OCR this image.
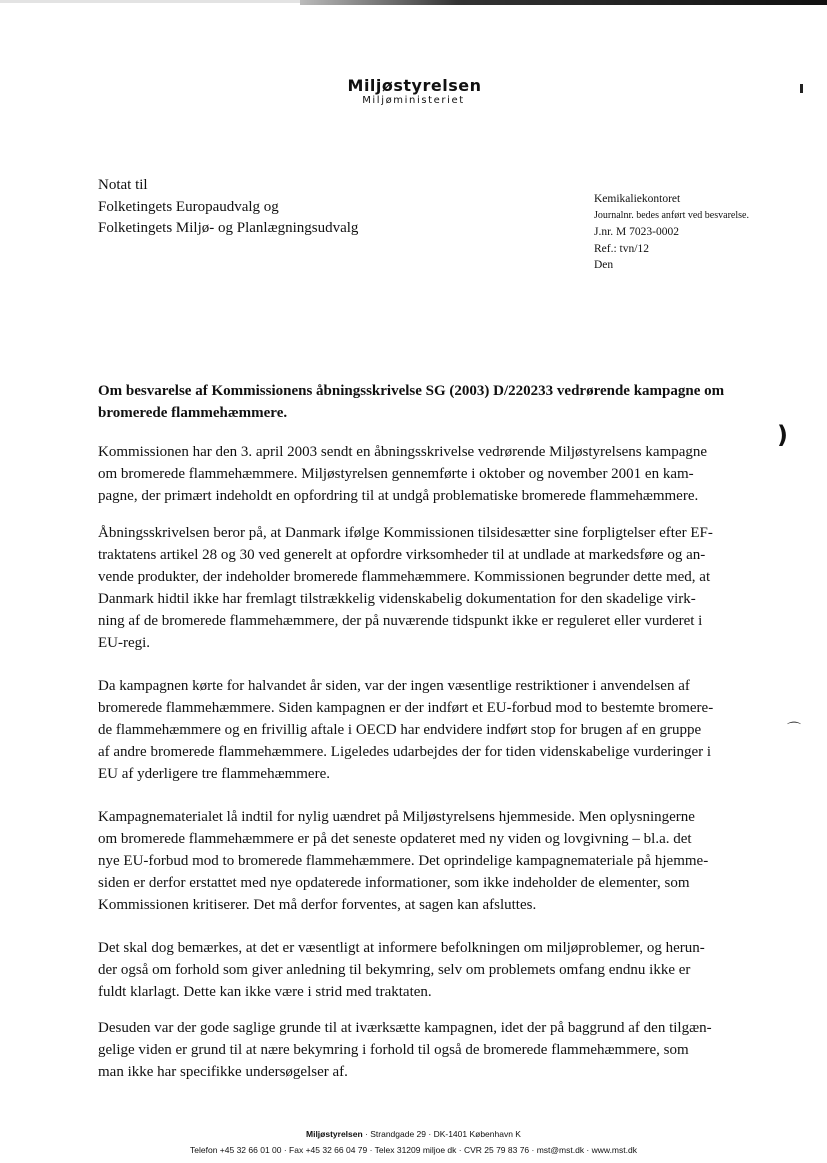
Miljøstyrelsen
Miljøministeriet
Notat til
Folketingets Europaudvalg og
Folketingets Miljø- og Planlægningsudvalg
Kemikaliekontoret
Journalnr. bedes anført ved besvarelse.
J.nr. M 7023-0002
Ref.: tvn/12
Den
Om besvarelse af Kommissionens åbningsskrivelse SG (2003) D/220233 vedrørende kampagne om
bromerede flammehæmmere.
Kommissionen har den 3. april 2003 sendt en åbningsskrivelse vedrørende Miljøstyrelsens kampagne
om bromerede flammehæmmere. Miljøstyrelsen gennemførte i oktober og november 2001 en kam-
pagne, der primært indeholdt en opfordring til at undgå problematiske bromerede flammehæmmere.
Åbningsskrivelsen beror på, at Danmark ifølge Kommissionen tilsidesætter sine forpligtelser efter EF-
traktatens artikel 28 og 30 ved generelt at opfordre virksomheder til at undlade at markedsføre og an-
vende produkter, der indeholder bromerede flammehæmmere. Kommissionen begrunder dette med, at
Danmark hidtil ikke har fremlagt tilstrækkelig videnskabelig dokumentation for den skadelige virk-
ning af de bromerede flammehæmmere, der på nuværende tidspunkt ikke er reguleret eller vurderet i
EU-regi.
Da kampagnen kørte for halvandet år siden, var der ingen væsentlige restriktioner i anvendelsen af
bromerede flammehæmmere. Siden kampagnen er der indført et EU-forbud mod to bestemte bromere-
de flammehæmmere og en frivillig aftale i OECD har endvidere indført stop for brugen af en gruppe
af andre bromerede flammehæmmere. Ligeledes udarbejdes der for tiden videnskabelige vurderinger i
EU af yderligere tre flammehæmmere.
Kampagnematerialet lå indtil for nylig uændret på Miljøstyrelsens hjemmeside. Men oplysningerne
om bromerede flammehæmmere er på det seneste opdateret med ny viden og lovgivning – bl.a. det
nye EU-forbud mod to bromerede flammehæmmere. Det oprindelige kampagnemateriale på hjemme-
siden er derfor erstattet med nye opdaterede informationer, som ikke indeholder de elementer, som
Kommissionen kritiserer. Det må derfor forventes, at sagen kan afsluttes.
Det skal dog bemærkes, at det er væsentligt at informere befolkningen om miljøproblemer, og herun-
der også om forhold som giver anledning til bekymring, selv om problemets omfang endnu ikke er
fuldt klarlagt. Dette kan ikke være i strid med traktaten.
Desuden var der gode saglige grunde til at iværksætte kampagnen, idet der på baggrund af den tilgæn-
gelige viden er grund til at nære bekymring i forhold til også de bromerede flammehæmmere, som
man ikke har specifikke undersøgelser af.
Miljøstyrelsen · Strandgade 29 · DK-1401 København K
Telefon +45 32 66 01 00 · Fax +45 32 66 04 79 · Telex 31209 miljoe dk · CVR 25 79 83 76 · mst@mst.dk · www.mst.dk
)
⌒
